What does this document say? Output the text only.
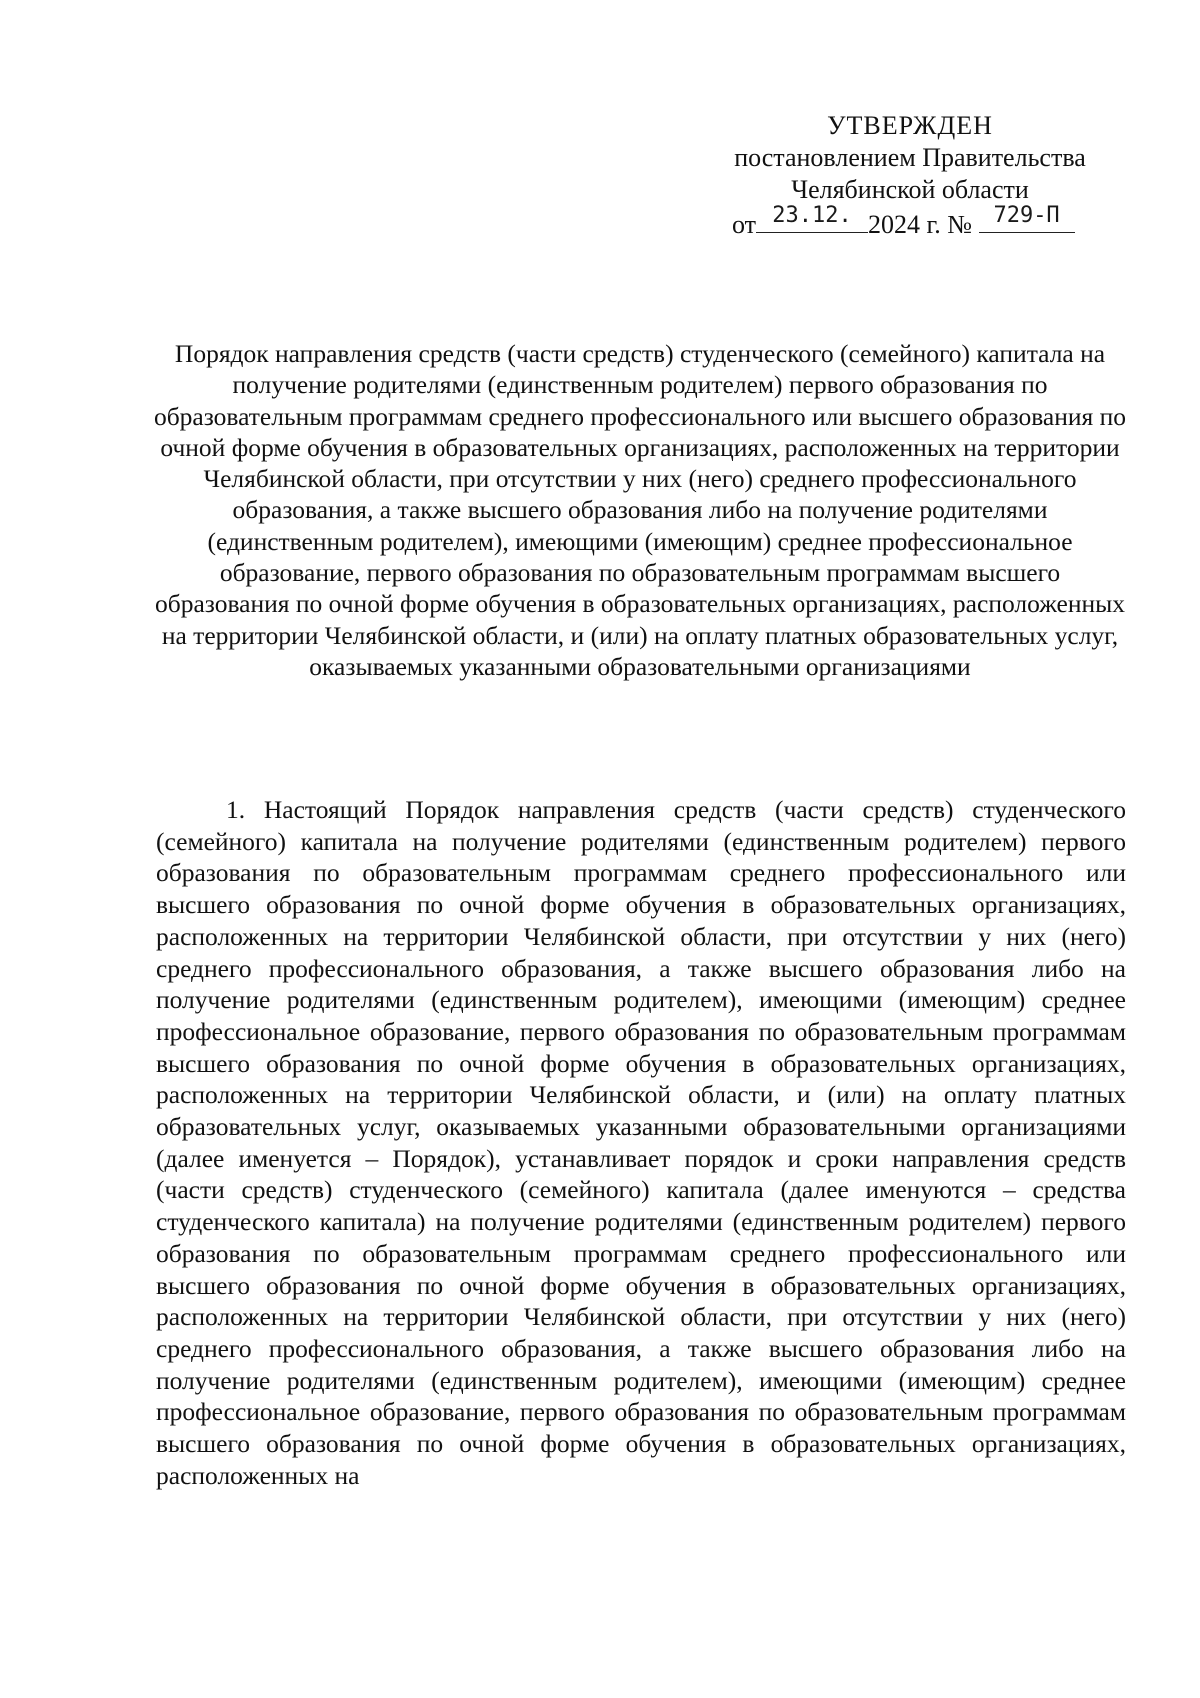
УТВЕРЖДЕН
постановлением Правительства
Челябинской области
от 23.12. 2024 г. № 729-П
Порядок направления средств (части средств) студенческого (семейного) капитала на получение родителями (единственным родителем) первого образования по образовательным программам среднего профессионального или высшего образования по очной форме обучения в образовательных организациях, расположенных на территории Челябинской области, при отсутствии у них (него) среднего профессионального образования, а также высшего образования либо на получение родителями (единственным родителем), имеющими (имеющим) среднее профессиональное образование, первого образования по образовательным программам высшего образования по очной форме обучения в образовательных организациях, расположенных на территории Челябинской области, и (или) на оплату платных образовательных услуг, оказываемых указанными образовательными организациями
1. Настоящий Порядок направления средств (части средств) студенческого (семейного) капитала на получение родителями (единственным родителем) первого образования по образовательным программам среднего профессионального или высшего образования по очной форме обучения в образовательных организациях, расположенных на территории Челябинской области, при отсутствии у них (него) среднего профессионального образования, а также высшего образования либо на получение родителями (единственным родителем), имеющими (имеющим) среднее профессиональное образование, первого образования по образовательным программам высшего образования по очной форме обучения в образовательных организациях, расположенных на территории Челябинской области, и (или) на оплату платных образовательных услуг, оказываемых указанными образовательными организациями (далее именуется – Порядок), устанавливает порядок и сроки направления средств (части средств) студенческого (семейного) капитала (далее именуются – средства студенческого капитала) на получение родителями (единственным родителем) первого образования по образовательным программам среднего профессионального или высшего образования по очной форме обучения в образовательных организациях, расположенных на территории Челябинской области, при отсутствии у них (него) среднего профессионального образования, а также высшего образования либо на получение родителями (единственным родителем), имеющими (имеющим) среднее профессиональное образование, первого образования по образовательным программам высшего образования по очной форме обучения в образовательных организациях, расположенных на
